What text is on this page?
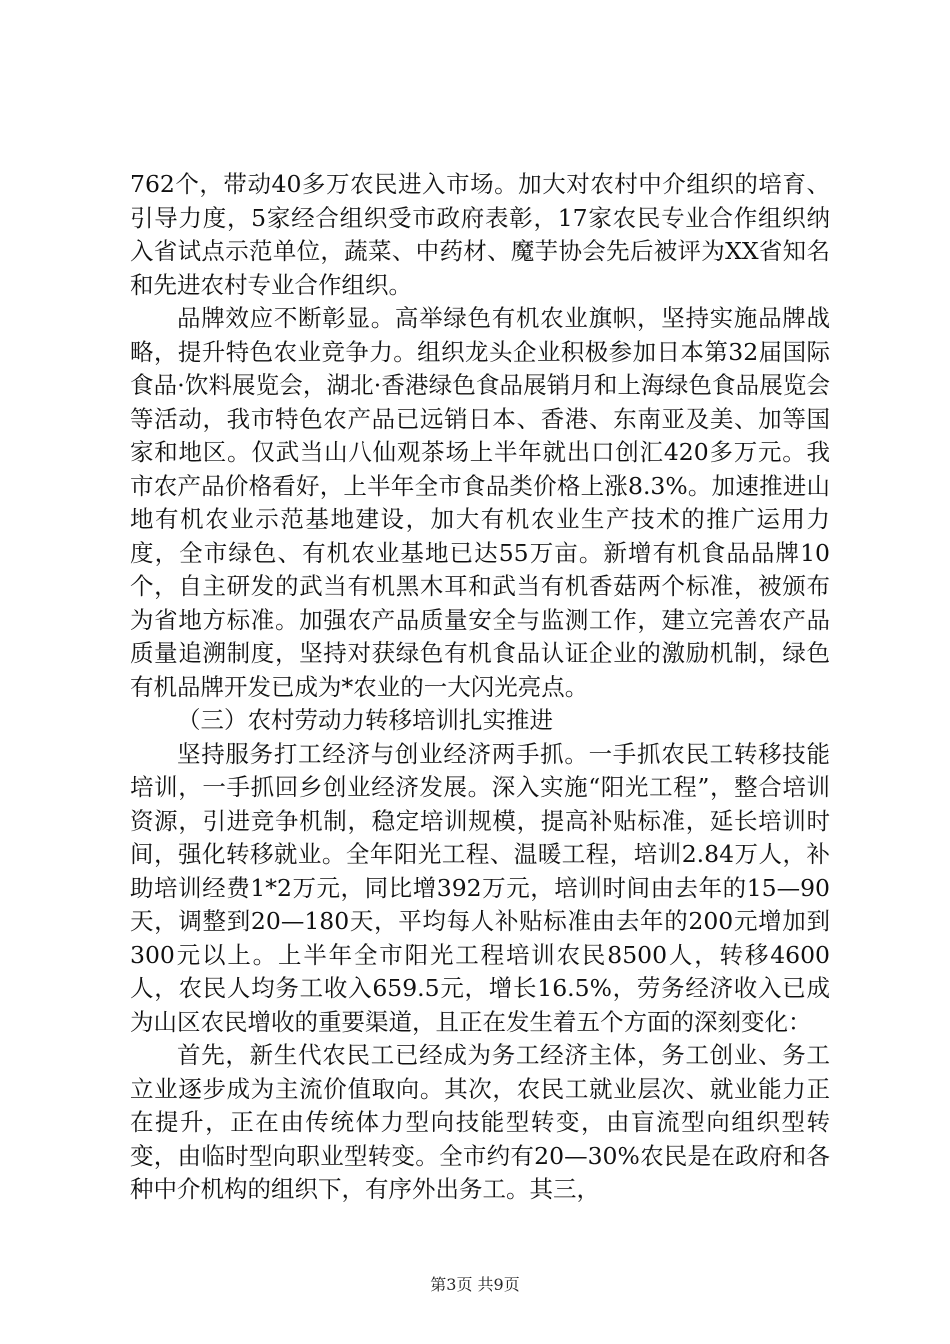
762个，带动40多万农民进入市场。加大对农村中介组织的培育、引导力度，5家经合组织受市政府表彰，17家农民专业合作组织纳入省试点示范单位，蔬菜、中药材、魔芋协会先后被评为XX省知名和先进农村专业合作组织。

品牌效应不断彰显。高举绿色有机农业旗帜，坚持实施品牌战略，提升特色农业竞争力。组织龙头企业积极参加日本第32届国际食品·饮料展览会，湖北·香港绿色食品展销月和上海绿色食品展览会等活动，我市特色农产品已远销日本、香港、东南亚及美、加等国家和地区。仅武当山八仙观茶场上半年就出口创汇420多万元。我市农产品价格看好，上半年全市食品类价格上涨8.3%。加速推进山地有机农业示范基地建设，加大有机农业生产技术的推广运用力度，全市绿色、有机农业基地已达55万亩。新增有机食品品牌10个，自主研发的武当有机黑木耳和武当有机香菇两个标准，被颁布为省地方标准。加强农产品质量安全与监测工作，建立完善农产品质量追溯制度，坚持对获绿色有机食品认证企业的激励机制，绿色有机品牌开发已成为*农业的一大闪光亮点。

（三）农村劳动力转移培训扎实推进

坚持服务打工经济与创业经济两手抓。一手抓农民工转移技能培训，一手抓回乡创业经济发展。深入实施“阳光工程”，整合培训资源，引进竞争机制，稳定培训规模，提高补贴标准，延长培训时间，强化转移就业。全年阳光工程、温暖工程，培训2.84万人，补助培训经费1*2万元，同比增392万元，培训时间由去年的15—90天，调整到20—180天，平均每人补贴标准由去年的200元增加到300元以上。上半年全市阳光工程培训农民8500人，转移4600人，农民人均务工收入659.5元，增长16.5%，劳务经济收入已成为山区农民增收的重要渠道，且正在发生着五个方面的深刻变化：

首先，新生代农民工已经成为务工经济主体，务工创业、务工立业逐步成为主流价值取向。其次，农民工就业层次、就业能力正在提升，正在由传统体力型向技能型转变，由盲流型向组织型转变，由临时型向职业型转变。全市约有20—30%农民是在政府和各种中介机构的组织下，有序外出务工。其三，

第3页 共9页
